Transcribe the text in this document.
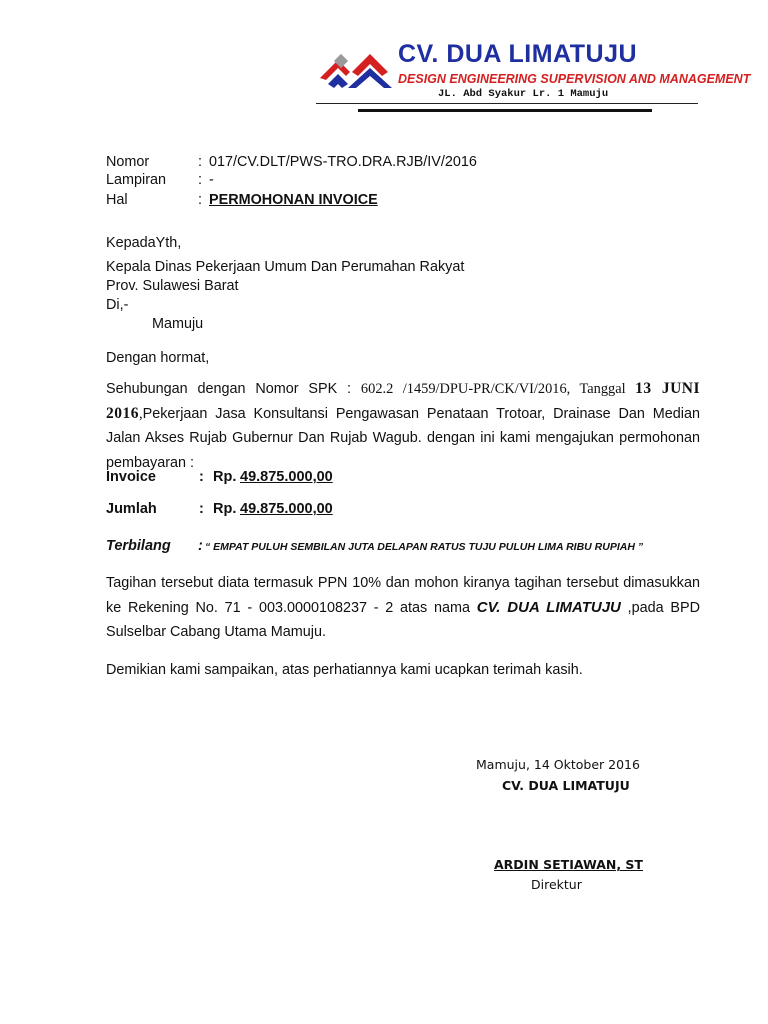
CV. DUA LIMATUJU
DESIGN ENGINEERING SUPERVISION AND MANAGEMENT
JL. Abd Syakur Lr. 1 Mamuju
Nomor	: 017/CV.DLT/PWS-TRO.DRA.RJB/IV/2016
Lampiran : -
Hal	: PERMOHONAN INVOICE
KepadaYth,
Kepala Dinas Pekerjaan Umum Dan Perumahan Rakyat
Prov. Sulawesi Barat
Di,-
Mamuju
Dengan hormat,
Sehubungan dengan Nomor SPK : 602.2 /1459/DPU-PR/CK/VI/2016, Tanggal 13 JUNI 2016,Pekerjaan Jasa Konsultansi Pengawasan Penataan Trotoar, Drainase Dan Median Jalan Akses Rujab Gubernur Dan Rujab Wagub. dengan ini kami mengajukan permohonan pembayaran :
Invoice	: Rp. 49.875.000,00
Jumlah	: Rp. 49.875.000,00
Terbilang : “ EMPAT PULUH SEMBILAN JUTA DELAPAN RATUS TUJU PULUH LIMA RIBU RUPIAH ”
Tagihan tersebut diata termasuk PPN 10% dan mohon kiranya tagihan tersebut dimasukkan ke Rekening No. 71 - 003.0000108237 - 2 atas nama CV. DUA LIMATUJU ,pada BPD Sulselbar Cabang Utama Mamuju.
Demikian kami sampaikan, atas perhatiannya kami ucapkan terimah kasih.
Mamuju, 14 Oktober 2016
CV. DUA LIMATUJU
ARDIN SETIAWAN, ST
Direktur
